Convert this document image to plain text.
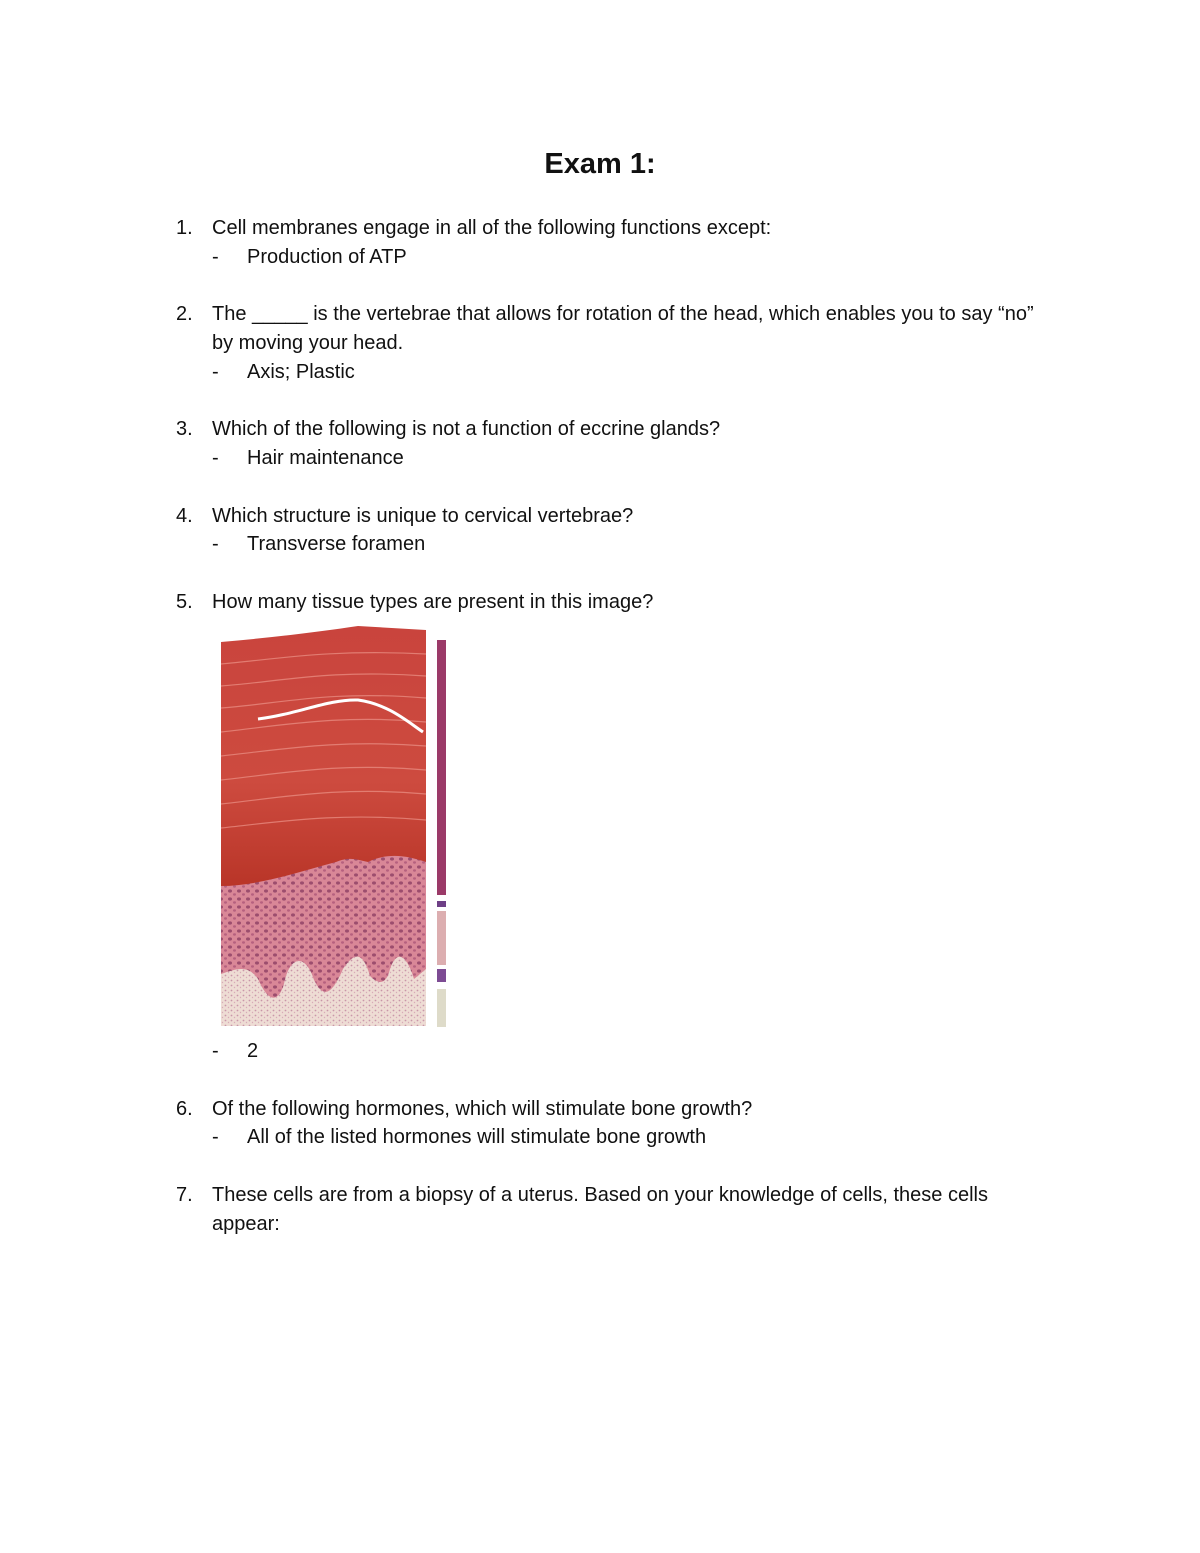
Exam 1:
1. Cell membranes engage in all of the following functions except:
- Production of ATP
2. The _____ is the vertebrae that allows for rotation of the head, which enables you to say “no” by moving your head.
- Axis; Plastic
3. Which of the following is not a function of eccrine glands?
- Hair maintenance
4. Which structure is unique to cervical vertebrae?
- Transverse foramen
5. How many tissue types are present in this image?
- 2
6. Of the following hormones, which will stimulate bone growth?
- All of the listed hormones will stimulate bone growth
7. These cells are from a biopsy of a uterus. Based on your knowledge of cells, these cells appear:
